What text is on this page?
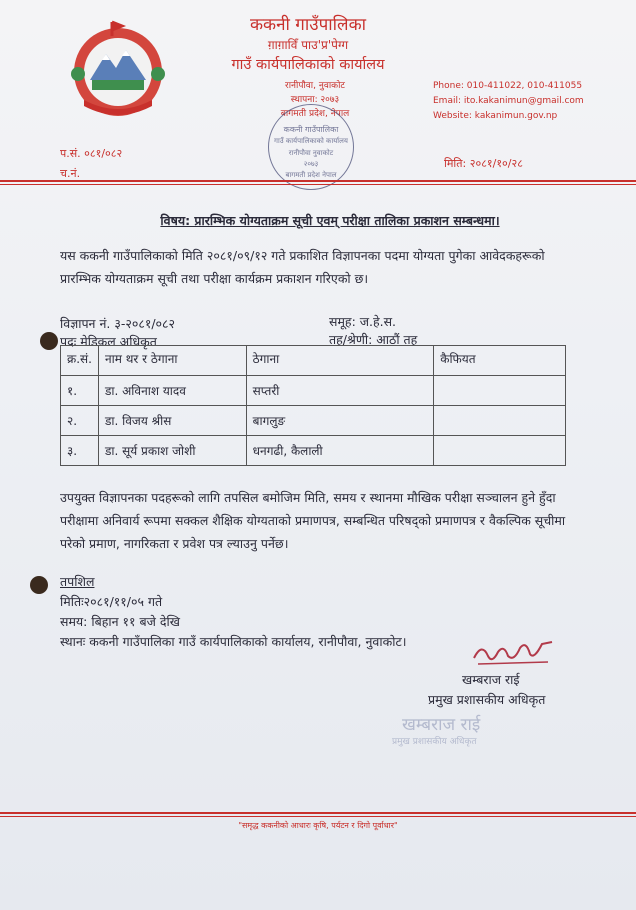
ककनी गाउँपालिका
ग़ाग़ाविँ पाउ'प्र'पेग्ग
गाउँ कार्यपालिकाको कार्यालय
रानीपौवा, नुवाकोट
स्थापना: २०७३
बागमती प्रदेश, नेपाल
ककनी गाउँपालिका
गाउँ कार्यपालिकाको कार्यालय
रानीपौवा नुवाकोट
२०७३
बागमती प्रदेश नेपाल
Phone: 010-411022, 010-411055
Email: ito.kakanimun@gmail.com
Website: kakanimun.gov.np
प.सं. ०८१/०८२
च.नं.
मिति: २०८१/१०/२८
विषय: प्रारम्भिक योग्यताक्रम सूची एवम् परीक्षा तालिका प्रकाशन सम्बन्धमा।
यस ककनी गाउँपालिकाको मिति २०८१/०९/१२ गते प्रकाशित विज्ञापनका पदमा योग्यता पुगेका आवेदकहरूको
प्रारम्भिक योग्यताक्रम सूची तथा परीक्षा कार्यक्रम प्रकाशन गरिएको छ।
विज्ञापन नं. ३-२०८१/०८२
पदः मेडिकल अधिकृत
समूह: ज.हे.स.
तह/श्रेणी: आठौं तह
क्र.सं.	नाम थर र ठेगाना	ठेगाना	कैफियत
१.	डा. अविनाश यादव	सप्तरी	
२.	डा. विजय श्रीस	बागलुङ	
३.	डा. सूर्य प्रकाश जोशी	धनगढी, कैलाली	
उपयुक्त विज्ञापनका पदहरूको लागि तपसिल बमोजिम मिति, समय र स्थानमा मौखिक परीक्षा सञ्चालन हुने हुँदा
परीक्षामा अनिवार्य रूपमा सक्कल शैक्षिक योग्यताको प्रमाणपत्र, सम्बन्धित परिषद्को प्रमाणपत्र र वैकल्पिक सूचीमा
परेको प्रमाण, नागरिकता र प्रवेश पत्र ल्याउनु पर्नेछ।
तपशिल
मितिः२०८१/११/०५ गते
समय: बिहान ११ बजे देखि
स्थानः ककनी गाउँपालिका गाउँ कार्यपालिकाको कार्यालय, रानीपौवा, नुवाकोट।
खम्बराज राई
प्रमुख प्रशासकीय अधिकृत
खम्बराज राई
प्रमुख प्रशासकीय अधिकृत
"समृद्ध ककनीको आधारः कृषि, पर्यटन र दिगो पूर्वाधार"
